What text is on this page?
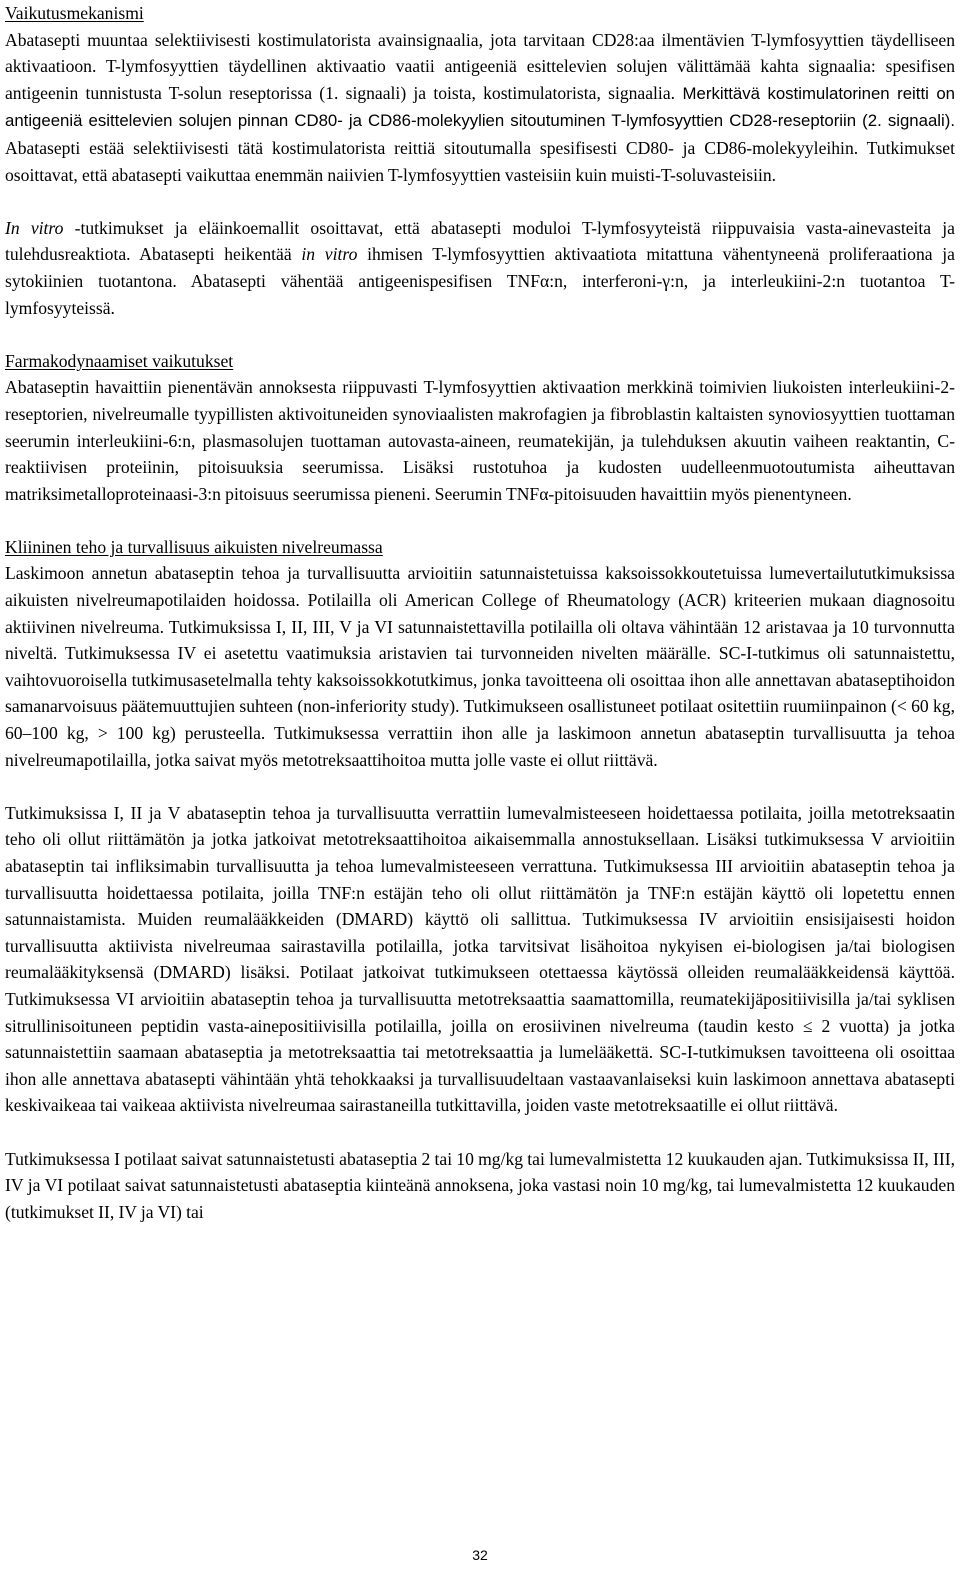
Vaikutusmekanismi

Abatasepti muuntaa selektiivisesti kostimulatorista avainsignaalia, jota tarvitaan CD28:aa ilmentävien T-lymfosyyttien täydelliseen aktivaatioon. T-lymfosyyttien täydellinen aktivaatio vaatii antigeeniä esittelevien solujen välittämää kahta signaalia: spesifisen antigeenin tunnistusta T-solun reseptorissa (1. signaali) ja toista, kostimulatorista, signaalia. Merkittävä kostimulatorinen reitti on antigeeniä esittelevien solujen pinnan CD80- ja CD86-molekyylien sitoutuminen T-lymfosyyttien CD28-reseptoriin (2. signaali). Abatasepti estää selektiivisesti tätä kostimulatorista reittiä sitoutumalla spesifisesti CD80- ja CD86-molekyyleihin. Tutkimukset osoittavat, että abatasepti vaikuttaa enemmän naiivien T-lymfosyyttien vasteisiin kuin muisti-T-soluvasteisiin.

In vitro -tutkimukset ja eläinkoemallit osoittavat, että abatasepti moduloi T-lymfosyyteistä riippuvaisia vasta-ainevasteita ja tulehdusreaktiota. Abatasepti heikentää in vitro ihmisen T-lymfosyyttien aktivaatiota mitattuna vähentyneenä proliferaationa ja sytokiinien tuotantona. Abatasepti vähentää antigeenispesifisen TNFα:n, interferoni-γ:n, ja interleukiini-2:n tuotantoa T-lymfosyyteissä.

Farmakodynaamiset vaikutukset

Abataseptin havaittiin pienentävän annoksesta riippuvasti T-lymfosyyttien aktivaation merkkinä toimivien liukoisten interleukiini-2-reseptorien, nivelreumalle tyypillisten aktivoituneiden synoviaalisten makrofagien ja fibroblastin kaltaisten synoviosyyttien tuottaman seerumin interleukiini-6:n, plasmasolujen tuottaman autovasta-aineen, reumatekijän, ja tulehduksen akuutin vaiheen reaktantin, C-reaktiivisen proteiinin, pitoisuuksia seerumissa. Lisäksi rustotuhoa ja kudosten uudelleenmuotoutumista aiheuttavan matriksimetalloproteinaasi-3:n pitoisuus seerumissa pieneni. Seerumin TNFα-pitoisuuden havaittiin myös pienentyneen.

Kliininen teho ja turvallisuus aikuisten nivelreumassa

Laskimoon annetun abataseptin tehoa ja turvallisuutta arvioitiin satunnaistetuissa kaksoissokkoutetuissa lumevertailututkimuksissa aikuisten nivelreumapotilaiden hoidossa. Potilailla oli American College of Rheumatology (ACR) kriteerien mukaan diagnosoitu aktiivinen nivelreuma. Tutkimuksissa I, II, III, V ja VI satunnaistettavilla potilailla oli oltava vähintään 12 aristavaa ja 10 turvonnutta niveltä. Tutkimuksessa IV ei asetettu vaatimuksia aristavien tai turvonneiden nivelten määrälle. SC-I-tutkimus oli satunnaistettu, vaihtovuoroisella tutkimusasetelmalla tehty kaksoissokkotutkimus, jonka tavoitteena oli osoittaa ihon alle annettavan abataseptihoidon samanarvoisuus päätemuuttujien suhteen (non-inferiority study). Tutkimukseen osallistuneet potilaat ositettiin ruumiinpainon (< 60 kg, 60–100 kg, > 100 kg) perusteella. Tutkimuksessa verrattiin ihon alle ja laskimoon annetun abataseptin turvallisuutta ja tehoa nivelreumapotilailla, jotka saivat myös metotreksaattihoitoa mutta jolle vaste ei ollut riittävä.

Tutkimuksissa I, II ja V abataseptin tehoa ja turvallisuutta verrattiin lumevalmisteeseen hoidettaessa potilaita, joilla metotreksaatin teho oli ollut riittämätön ja jotka jatkoivat metotreksaattihoitoa aikaisemmalla annostuksellaan. Lisäksi tutkimuksessa V arvioitiin abataseptin tai infliksimabin turvallisuutta ja tehoa lumevalmisteeseen verrattuna. Tutkimuksessa III arvioitiin abataseptin tehoa ja turvallisuutta hoidettaessa potilaita, joilla TNF:n estäjän teho oli ollut riittämätön ja TNF:n estäjän käyttö oli lopetettu ennen satunnaistamista. Muiden reumalääkkeiden (DMARD) käyttö oli sallittua. Tutkimuksessa IV arvioitiin ensisijaisesti hoidon turvallisuutta aktiivista nivelreumaa sairastavilla potilailla, jotka tarvitsivat lisähoitoa nykyisen ei-biologisen ja/tai biologisen reumalääkityksensä (DMARD) lisäksi. Potilaat jatkoivat tutkimukseen otettaessa käytössä olleiden reumalääkkeidensä käyttöä. Tutkimuksessa VI arvioitiin abataseptin tehoa ja turvallisuutta metotreksaattia saamattomilla, reumatekijäpositiivisilla ja/tai syklisen sitrullinisoituneen peptidin vasta-ainepositiivisilla potilailla, joilla on erosiivinen nivelreuma (taudin kesto ≤ 2 vuotta) ja jotka satunnaistettiin saamaan abataseptia ja metotreksaattia tai metotreksaattia ja lumelääkettä. SC-I-tutkimuksen tavoitteena oli osoittaa ihon alle annettava abatasepti vähintään yhtä tehokkaaksi ja turvallisuudeltaan vastaavanlaiseksi kuin laskimoon annettava abatasepti keskivaikeaa tai vaikeaa aktiivista nivelreumaa sairastaneilla tutkittavilla, joiden vaste metotreksaatille ei ollut riittävä.

Tutkimuksessa I potilaat saivat satunnaistetusti abataseptia 2 tai 10 mg/kg tai lumevalmistetta 12 kuukauden ajan. Tutkimuksissa II, III, IV ja VI potilaat saivat satunnaistetusti abataseptia kiinteänä annoksena, joka vastasi noin 10 mg/kg, tai lumevalmistetta 12 kuukauden (tutkimukset II, IV ja VI) tai

32
